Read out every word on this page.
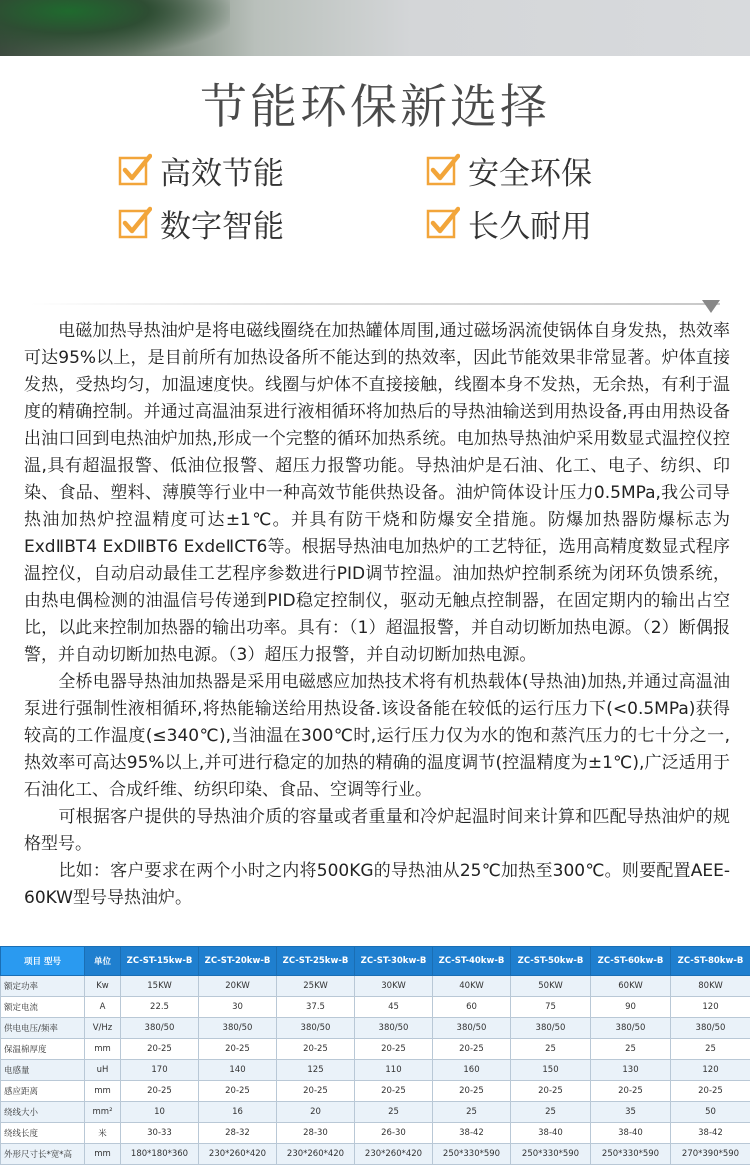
节能环保新选择
高效节能	安全环保
数字智能	长久耐用

　　电磁加热导热油炉是将电磁线圈绕在加热罐体周围,通过磁场涡流使锅体自身发热，热效率可达95%以上，是目前所有加热设备所不能达到的热效率，因此节能效果非常显著。炉体直接发热，受热均匀，加温速度快。线圈与炉体不直接接触，线圈本身不发热，无余热，有利于温度的精确控制。并通过高温油泵进行液相循环将加热后的导热油输送到用热设备,再由用热设备出油口回到电热油炉加热,形成一个完整的循环加热系统。电加热导热油炉采用数显式温控仪控温,具有超温报警、低油位报警、超压力报警功能。导热油炉是石油、化工、电子、纺织、印染、食品、塑料、薄膜等行业中一种高效节能供热设备。油炉筒体设计压力0.5MPa,我公司导热油加热炉控温精度可达±1℃。并具有防干烧和防爆安全措施。防爆加热器防爆标志为ExdⅡBT4 ExDⅡBT6 ExdeⅡCT6等。根据导热油电加热炉的工艺特征，选用高精度数显式程序温控仪，自动启动最佳工艺程序参数进行PID调节控温。油加热炉控制系统为闭环负馈系统，由热电偶检测的油温信号传递到PID稳定控制仪，驱动无触点控制器，在固定期内的输出占空比，以此来控制加热器的输出功率。具有：（1）超温报警，并自动切断加热电源。（2）断偶报警，并自动切断加热电源。（3）超压力报警，并自动切断加热电源。

　　全桥电器导热油加热器是采用电磁感应加热技术将有机热载体(导热油)加热,并通过高温油泵进行强制性液相循环,将热能输送给用热设备.该设备能在较低的运行压力下(<0.5MPa)获得较高的工作温度(≤340℃),当油温在300℃时,运行压力仅为水的饱和蒸汽压力的七十分之一,热效率可高达95%以上,并可进行稳定的加热的精确的温度调节(控温精度为±1℃),广泛适用于石油化工、合成纤维、纺织印染、食品、空调等行业。

　　可根据客户提供的导热油介质的容量或者重量和冷炉起温时间来计算和匹配导热油炉的规格型号。

　　比如：客户要求在两个小时之内将500KG的导热油从25℃加热至300℃。则要配置AEE-60KW型号导热油炉。

项目 型号	单位	ZC-ST-15kw-B	ZC-ST-20kw-B	ZC-ST-25kw-B	ZC-ST-30kw-B	ZC-ST-40kw-B	ZC-ST-50kw-B	ZC-ST-60kw-B	ZC-ST-80kw-B
额定功率	Kw	15KW	20KW	25KW	30KW	40KW	50KW	60KW	80KW
额定电流	A	22.5	30	37.5	45	60	75	90	120
供电电压/频率	V/Hz	380/50	380/50	380/50	380/50	380/50	380/50	380/50	380/50
保温棉厚度	mm	20-25	20-25	20-25	20-25	20-25	25	25	25
电感量	uH	170	140	125	110	160	150	130	120
感应距离	mm	20-25	20-25	20-25	20-25	20-25	20-25	20-25	20-25
绕线大小	mm²	10	16	20	25	25	25	35	50
绕线长度	米	30-33	28-32	28-30	26-30	38-42	38-40	38-40	38-42
外形尺寸长*宽*高	mm	180*180*360	230*260*420	230*260*420	230*260*420	250*330*590	250*330*590	250*330*590	270*390*590
